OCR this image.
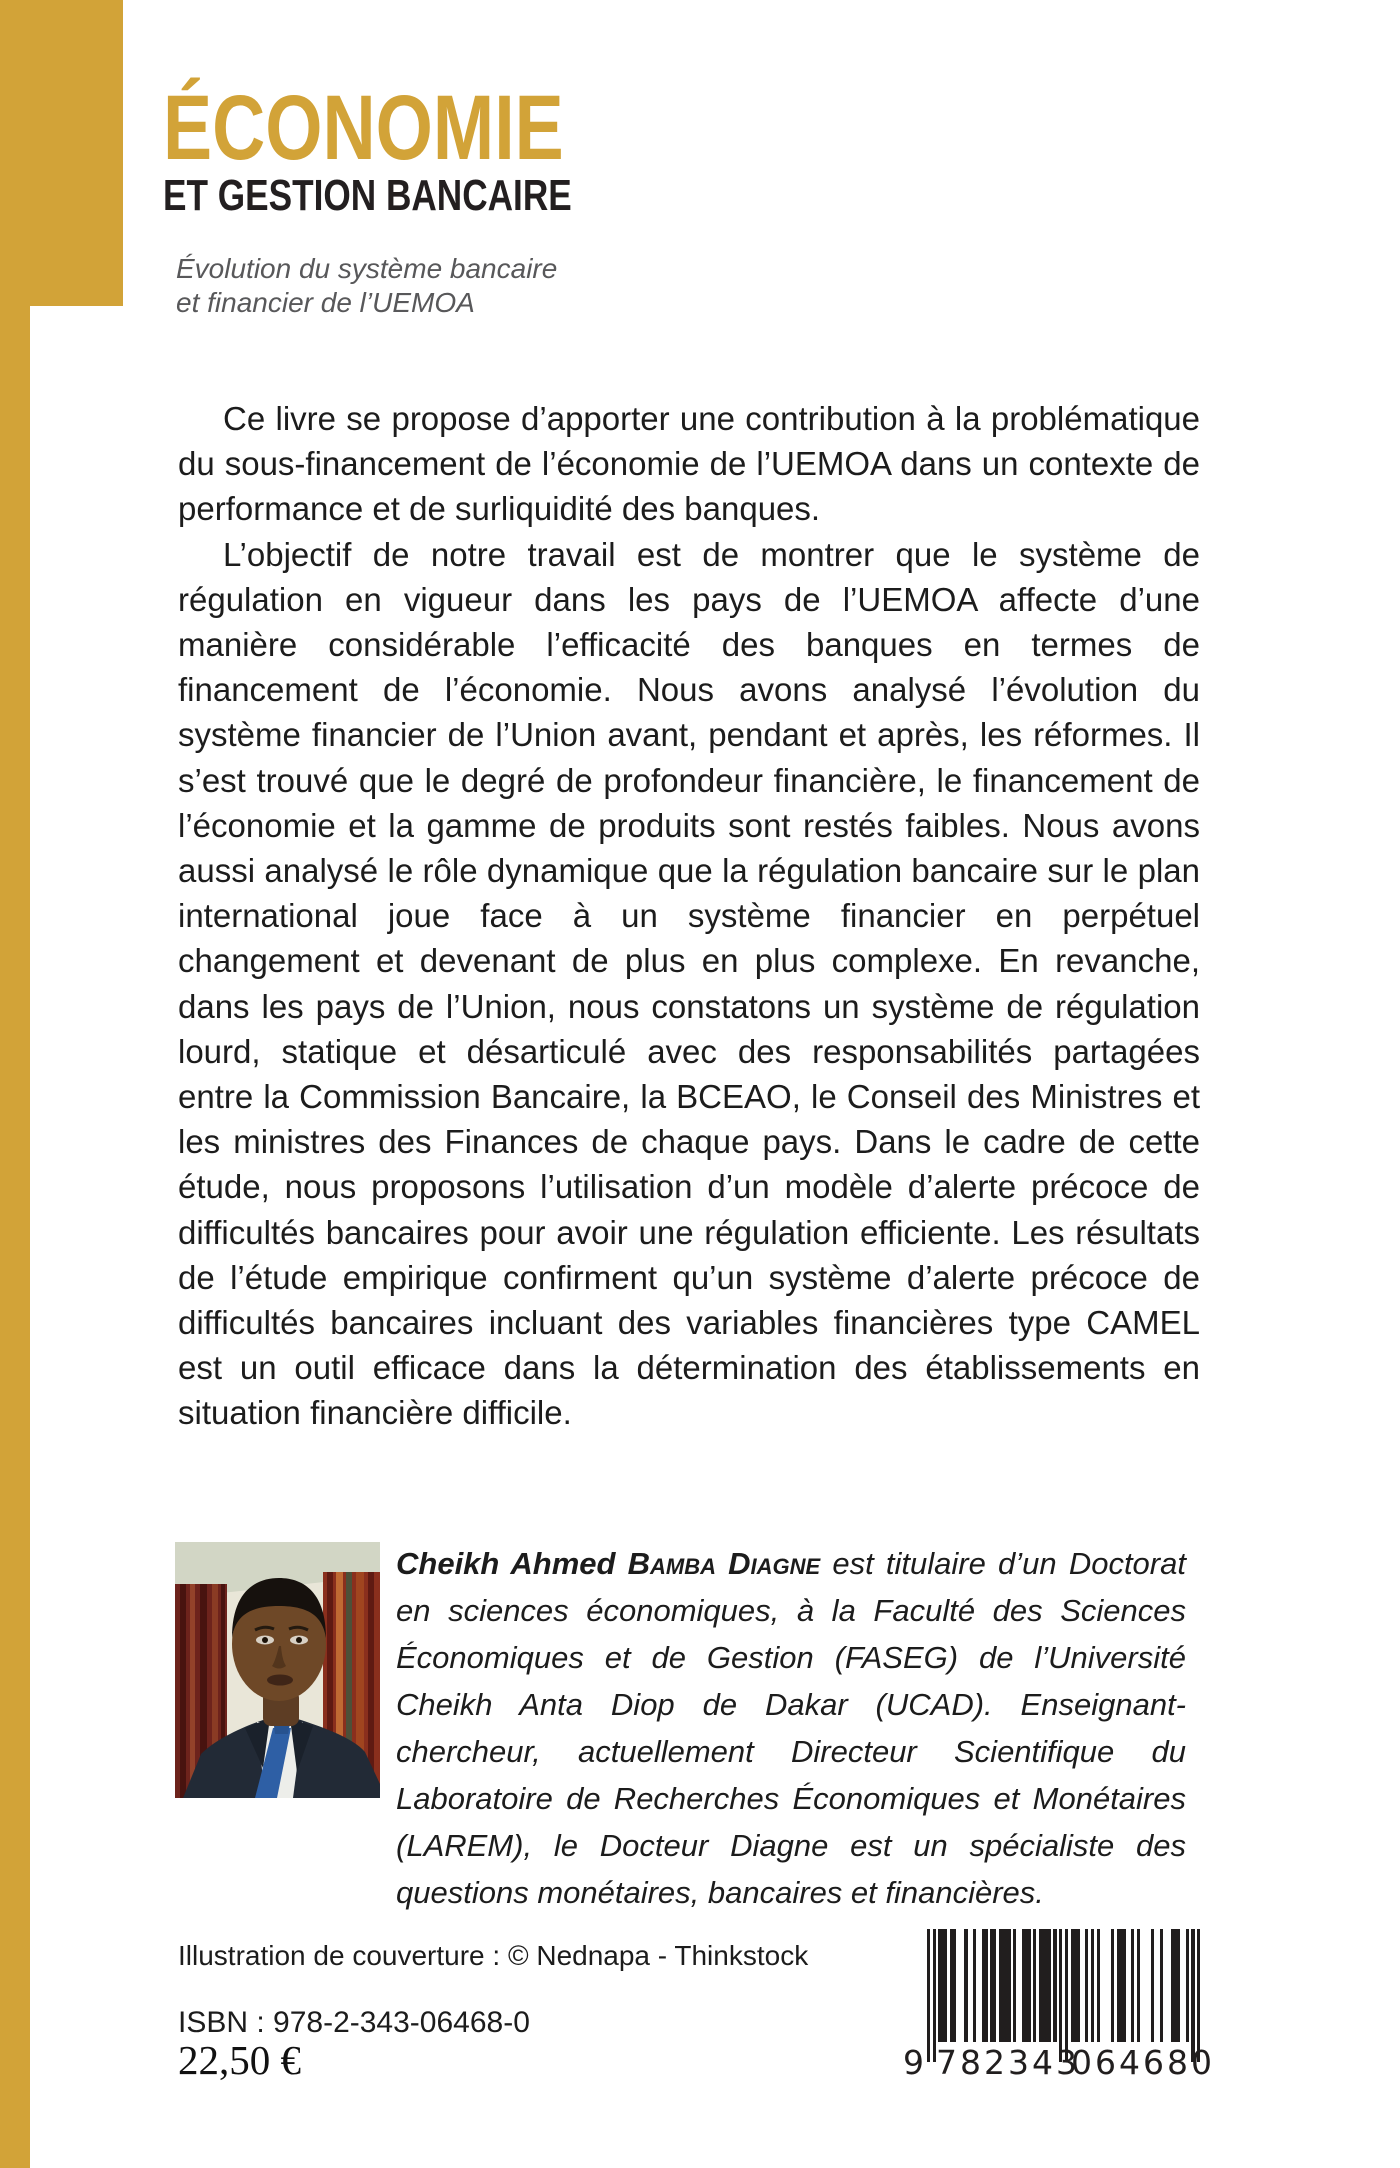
ÉCONOMIE
ET GESTION BANCAIRE

Évolution du système bancaire
et financier de l’UEMOA

Ce livre se propose d’apporter une contribution à la problématique du sous-financement de l’économie de l’UEMOA dans un contexte de performance et de surliquidité des banques.

L’objectif de notre travail est de montrer que le système de régulation en vigueur dans les pays de l’UEMOA affecte d’une manière considérable l’efficacité des banques en termes de financement de l’économie. Nous avons analysé l’évolution du système financier de l’Union avant, pendant et après, les réformes. Il s’est trouvé que le degré de profondeur financière, le financement de l’économie et la gamme de produits sont restés faibles. Nous avons aussi analysé le rôle dynamique que la régulation bancaire sur le plan international joue face à un système financier en perpétuel changement et devenant de plus en plus complexe. En revanche, dans les pays de l’Union, nous constatons un système de régulation lourd, statique et désarticulé avec des responsabilités partagées entre la Commission Bancaire, la BCEAO, le Conseil des Ministres et les ministres des Finances de chaque pays. Dans le cadre de cette étude, nous proposons l’utilisation d’un modèle d’alerte précoce de difficultés bancaires pour avoir une régulation efficiente. Les résultats de l’étude empirique confirment qu’un système d’alerte précoce de difficultés bancaires incluant des variables financières type CAMEL est un outil efficace dans la détermination des établissements en situation financière difficile.

Cheikh Ahmed Bamba Diagne est titulaire d’un Doctorat en sciences économiques, à la Faculté des Sciences Économiques et de Gestion (FASEG) de l’Université Cheikh Anta Diop de Dakar (UCAD). Enseignant-chercheur, actuellement Directeur Scientifique du Laboratoire de Recherches Économiques et Monétaires (LAREM), le Docteur Diagne est un spécialiste des questions monétaires, bancaires et financières.

Illustration de couverture : © Nednapa - Thinkstock

ISBN : 978-2-343-06468-0

22,50 €	9 782343
064680
